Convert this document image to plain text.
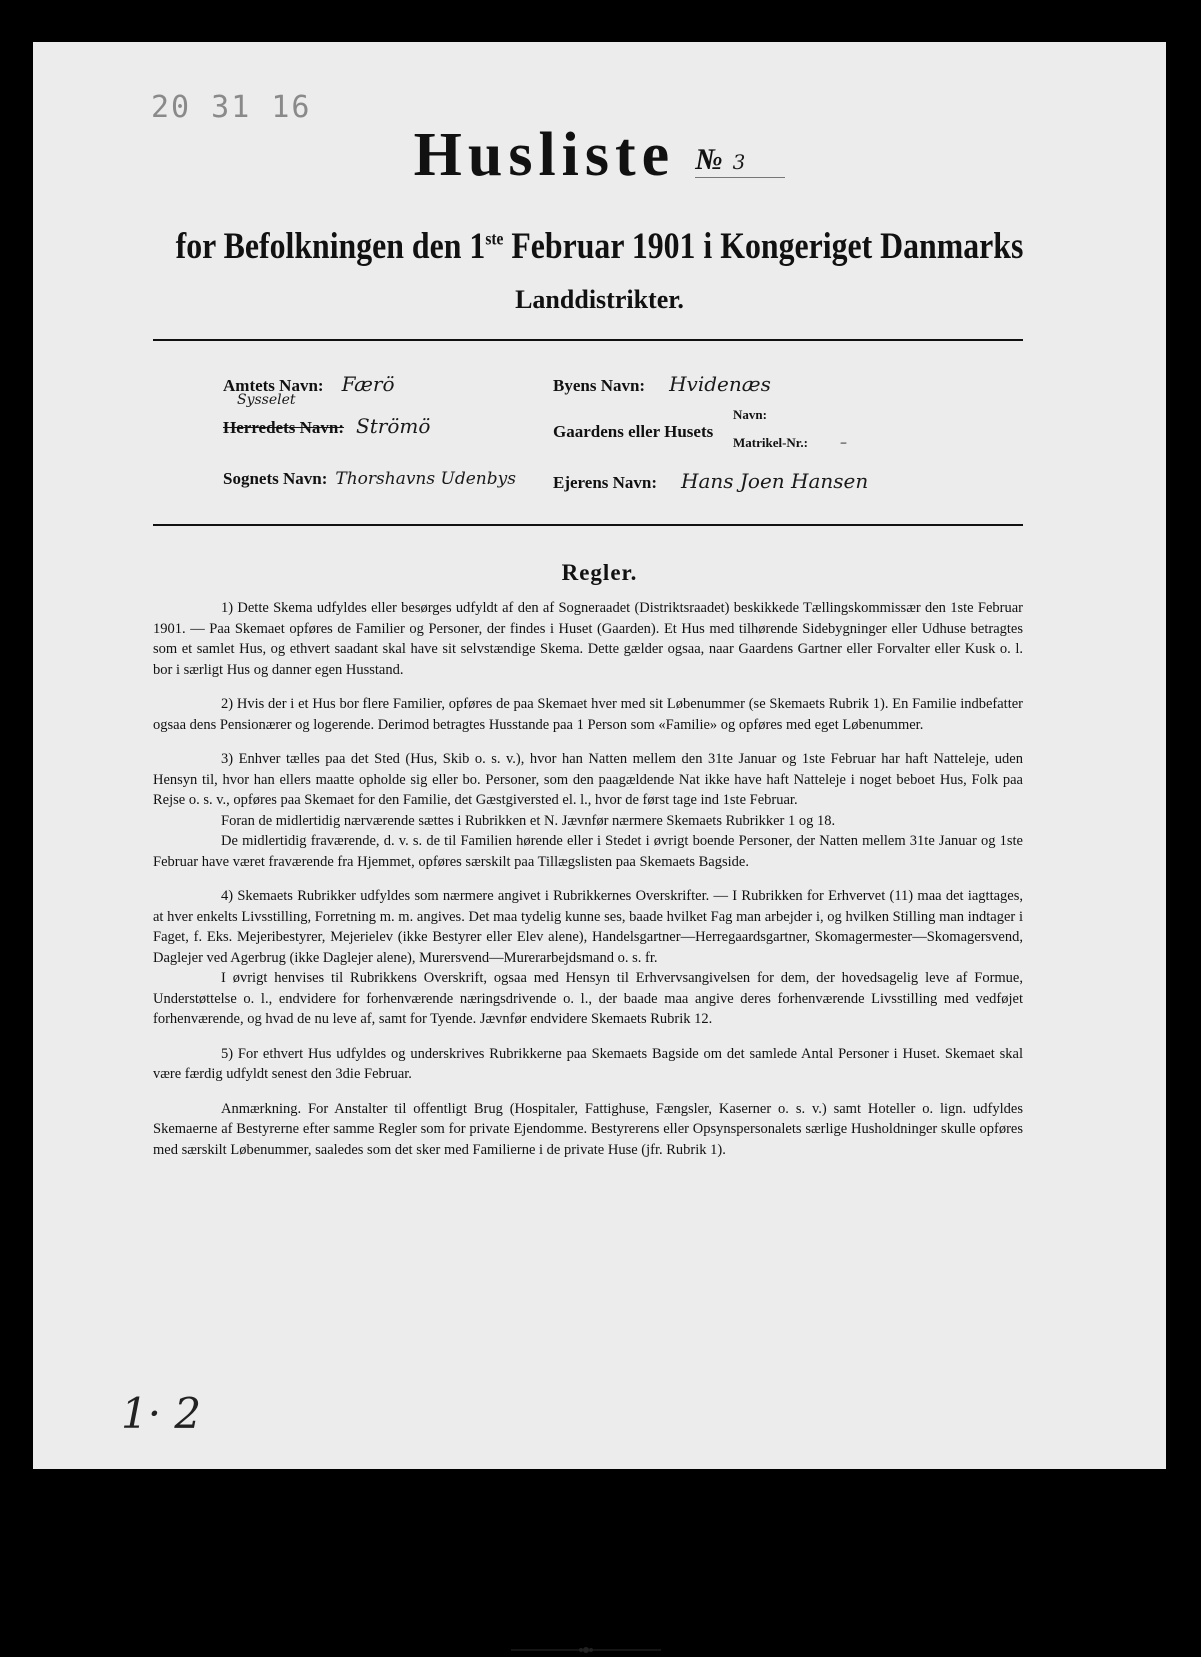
20 31 16
Husliste № 3
for Befolkningen den 1ste Februar 1901 i Kongeriget Danmarks
Landdistrikter.
Amtets Navn: Færö
Sysselet
Herredets Navn: Strömö
Sognets Navn: Thorshavns Udenbys
Byens Navn: Hvidenæs
Gaardens eller Husets
Navn:
Matrikel-Nr.: –
Ejerens Navn: Hans Joen Hansen
Regler.

1) Dette Skema udfyldes eller besørges udfyldt af den af Sogneraadet (Distriktsraadet) beskikkede Tællingskommissær den 1ste Februar 1901. — Paa Skemaet opføres de Familier og Personer, der findes i Huset (Gaarden). Et Hus med tilhørende Sidebygninger eller Udhuse betragtes som et samlet Hus, og ethvert saadant skal have sit selvstændige Skema. Dette gælder ogsaa, naar Gaardens Gartner eller Forvalter eller Kusk o. l. bor i særligt Hus og danner egen Husstand.

2) Hvis der i et Hus bor flere Familier, opføres de paa Skemaet hver med sit Løbenummer (se Skemaets Rubrik 1). En Familie indbefatter ogsaa dens Pensionærer og logerende. Derimod betragtes Husstande paa 1 Person som «Familie» og opføres med eget Løbenummer.

3) Enhver tælles paa det Sted (Hus, Skib o. s. v.), hvor han Natten mellem den 31te Januar og 1ste Februar har haft Natteleje, uden Hensyn til, hvor han ellers maatte opholde sig eller bo. Personer, som den paagældende Nat ikke have haft Natteleje i noget beboet Hus, Folk paa Rejse o. s. v., opføres paa Skemaet for den Familie, det Gæstgiversted el. l., hvor de først tage ind 1ste Februar.

Foran de midlertidig nærværende sættes i Rubrikken et N. Jævnfør nærmere Skemaets Rubrikker 1 og 18.

De midlertidig fraværende, d. v. s. de til Familien hørende eller i Stedet i øvrigt boende Personer, der Natten mellem 31te Januar og 1ste Februar have været fraværende fra Hjemmet, opføres særskilt paa Tillægslisten paa Skemaets Bagside.

4) Skemaets Rubrikker udfyldes som nærmere angivet i Rubrikkernes Overskrifter. — I Rubrikken for Erhvervet (11) maa det iagttages, at hver enkelts Livsstilling, Forretning m. m. angives. Det maa tydelig kunne ses, baade hvilket Fag man arbejder i, og hvilken Stilling man indtager i Faget, f. Eks. Mejeribestyrer, Mejerielev (ikke Bestyrer eller Elev alene), Handelsgartner—Herregaardsgartner, Skomagermester—Skomagersvend, Daglejer ved Agerbrug (ikke Daglejer alene), Murersvend—Murerarbejdsmand o. s. fr.

I øvrigt henvises til Rubrikkens Overskrift, ogsaa med Hensyn til Erhvervsangivelsen for dem, der hovedsagelig leve af Formue, Understøttelse o. l., endvidere for forhenværende næringsdrivende o. l., der baade maa angive deres forhenværende Livsstilling med vedføjet forhenværende, og hvad de nu leve af, samt for Tyende. Jævnfør endvidere Skemaets Rubrik 12.

5) For ethvert Hus udfyldes og underskrives Rubrikkerne paa Skemaets Bagside om det samlede Antal Personer i Huset. Skemaet skal være færdig udfyldt senest den 3die Februar.

Anmærkning. For Anstalter til offentligt Brug (Hospitaler, Fattighuse, Fængsler, Kaserner o. s. v.) samt Hoteller o. lign. udfyldes Skemaerne af Bestyrerne efter samme Regler som for private Ejendomme. Bestyrerens eller Opsynspersonalets særlige Husholdninger skulle opføres med særskilt Løbenummer, saaledes som det sker med Familierne i de private Huse (jfr. Rubrik 1).

1· 2
